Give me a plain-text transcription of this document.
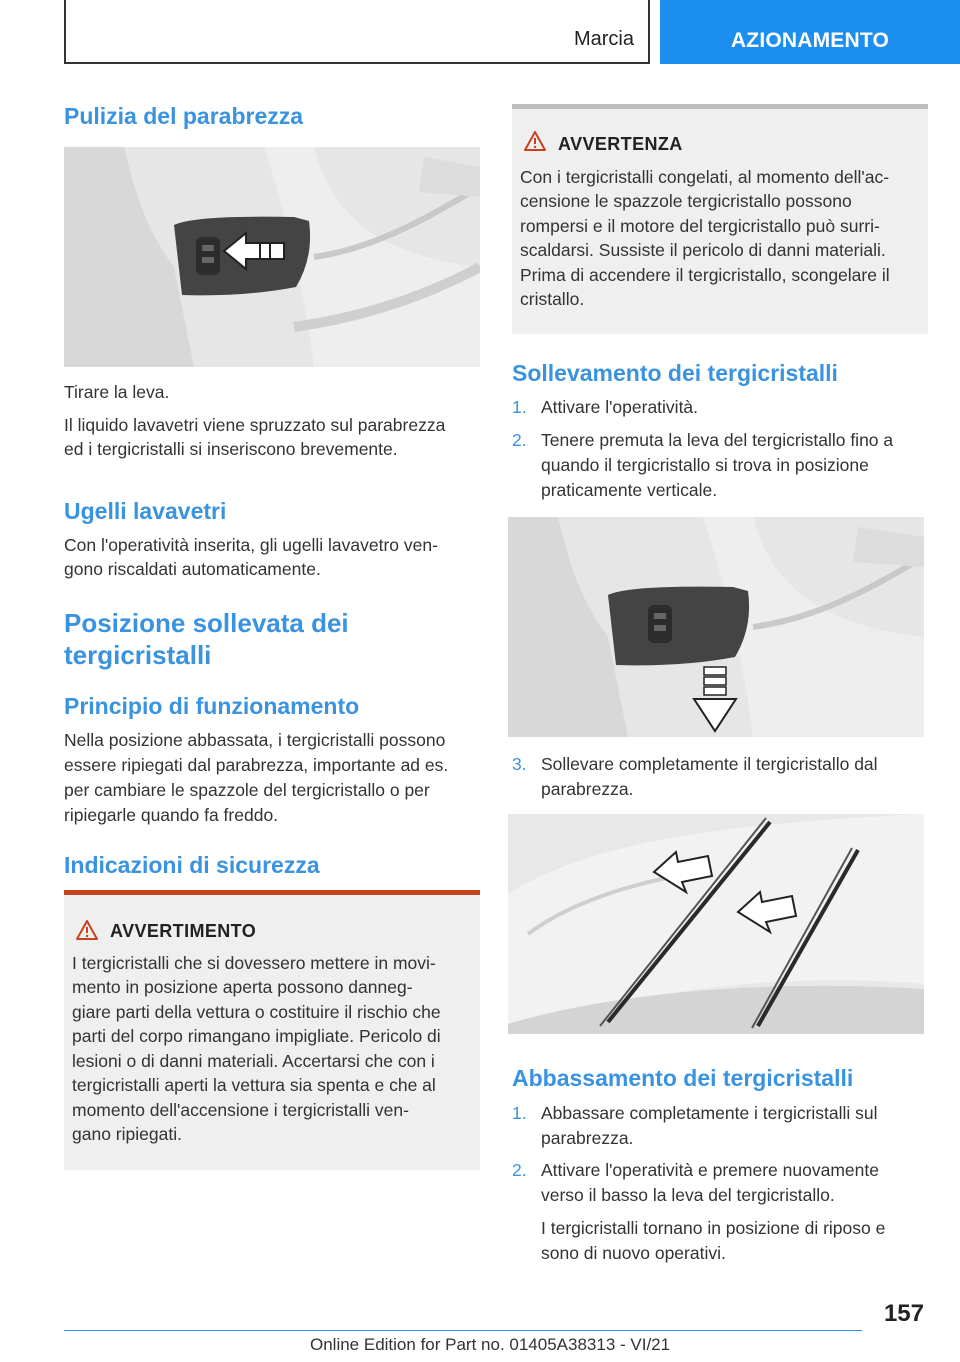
Marcia	AZIONAMENTO
Pulizia del parabrezza
Tirare la leva.
Il liquido lavavetri viene spruzzato sul parabrezza
ed i tergicristalli si inseriscono brevemente.
Ugelli lavavetri
Con l'operatività inserita, gli ugelli lavavetro ven‐
gono riscaldati automaticamente.
Posizione sollevata dei
tergicristalli
Principio di funzionamento
Nella posizione abbassata, i tergicristalli possono
essere ripiegati dal parabrezza, importante ad es.
per cambiare le spazzole del tergicristallo o per
ripiegarle quando fa freddo.
Indicazioni di sicurezza
AVVERTIMENTO
I tergicristalli che si dovessero mettere in movi‐
mento in posizione aperta possono danneg‐
giare parti della vettura o costituire il rischio che
parti del corpo rimangano impigliate. Pericolo di
lesioni o di danni materiali. Accertarsi che con i
tergicristalli aperti la vettura sia spenta e che al
momento dell'accensione i tergicristalli ven‐
gano ripiegati.
AVVERTENZA
Con i tergicristalli congelati, al momento dell'ac‐
censione le spazzole tergicristallo possono
rompersi e il motore del tergicristallo può surri‐
scaldarsi. Sussiste il pericolo di danni materiali.
Prima di accendere il tergicristallo, scongelare il
cristallo.
Sollevamento dei tergicristalli
1. Attivare l'operatività.
2. Tenere premuta la leva del tergicristallo fino a
quando il tergicristallo si trova in posizione
praticamente verticale.
3. Sollevare completamente il tergicristallo dal
parabrezza.
Abbassamento dei tergicristalli
1. Abbassare completamente i tergicristalli sul
parabrezza.
2. Attivare l'operatività e premere nuovamente
verso il basso la leva del tergicristallo.
I tergicristalli tornano in posizione di riposo e
sono di nuovo operativi.
157
Online Edition for Part no. 01405A38313 - VI/21
